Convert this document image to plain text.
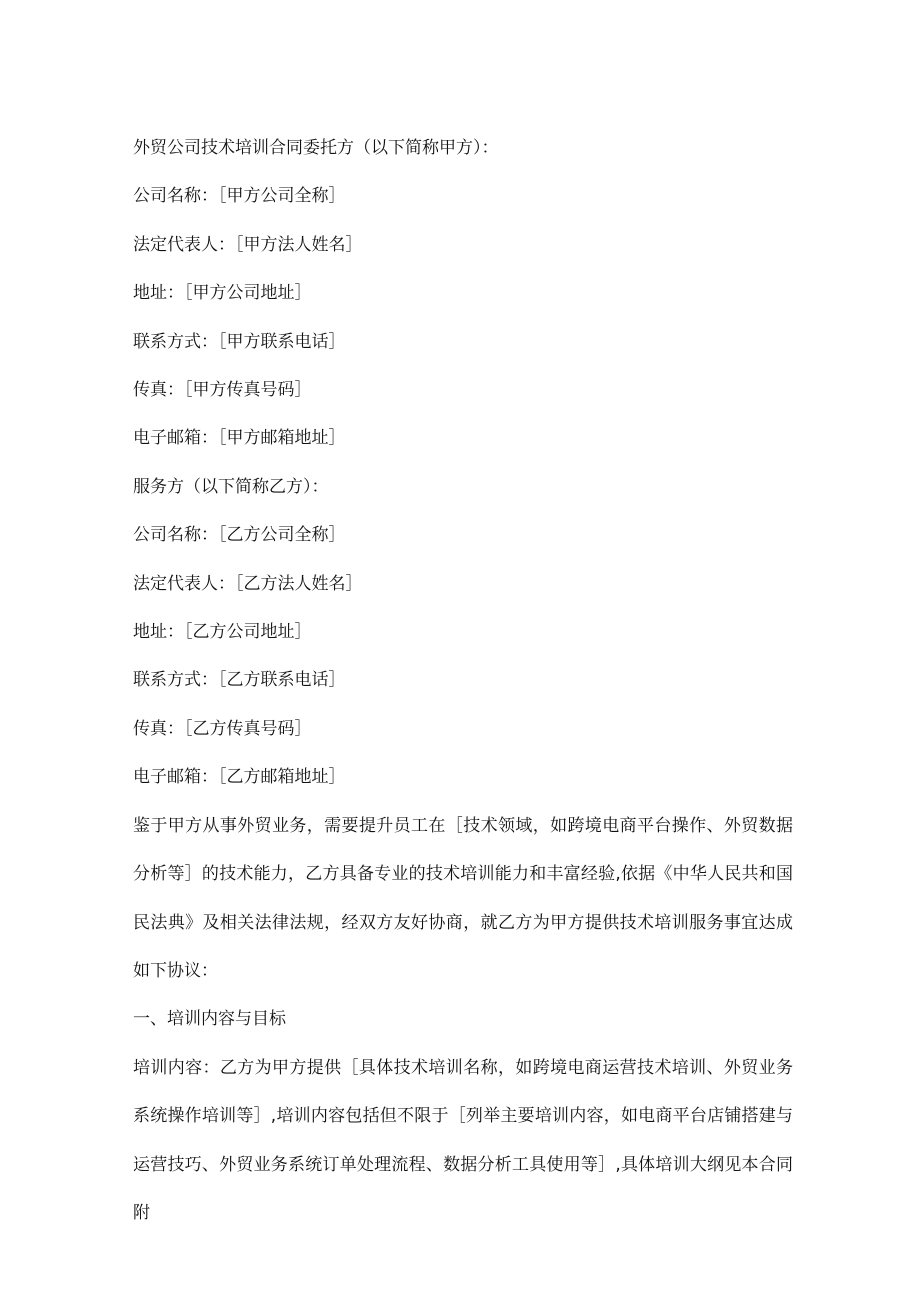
外贸公司技术培训合同委托方（以下简称甲方）：

公司名称：［甲方公司全称］

法定代表人：［甲方法人姓名］

地址：［甲方公司地址］

联系方式：［甲方联系电话］

传真：［甲方传真号码］

电子邮箱：［甲方邮箱地址］

服务方（以下简称乙方）：

公司名称：［乙方公司全称］

法定代表人：［乙方法人姓名］

地址：［乙方公司地址］

联系方式：［乙方联系电话］

传真：［乙方传真号码］

电子邮箱：［乙方邮箱地址］

鉴于甲方从事外贸业务，需要提升员工在［技术领域，如跨境电商平台操作、外贸数据分析等］的技术能力，乙方具备专业的技术培训能力和丰富经验,依据《中华人民共和国民法典》及相关法律法规，经双方友好协商，就乙方为甲方提供技术培训服务事宜达成如下协议：

一、培训内容与目标

培训内容：乙方为甲方提供［具体技术培训名称，如跨境电商运营技术培训、外贸业务系统操作培训等］,培训内容包括但不限于［列举主要培训内容，如电商平台店铺搭建与运营技巧、外贸业务系统订单处理流程、数据分析工具使用等］,具体培训大纲见本合同附
